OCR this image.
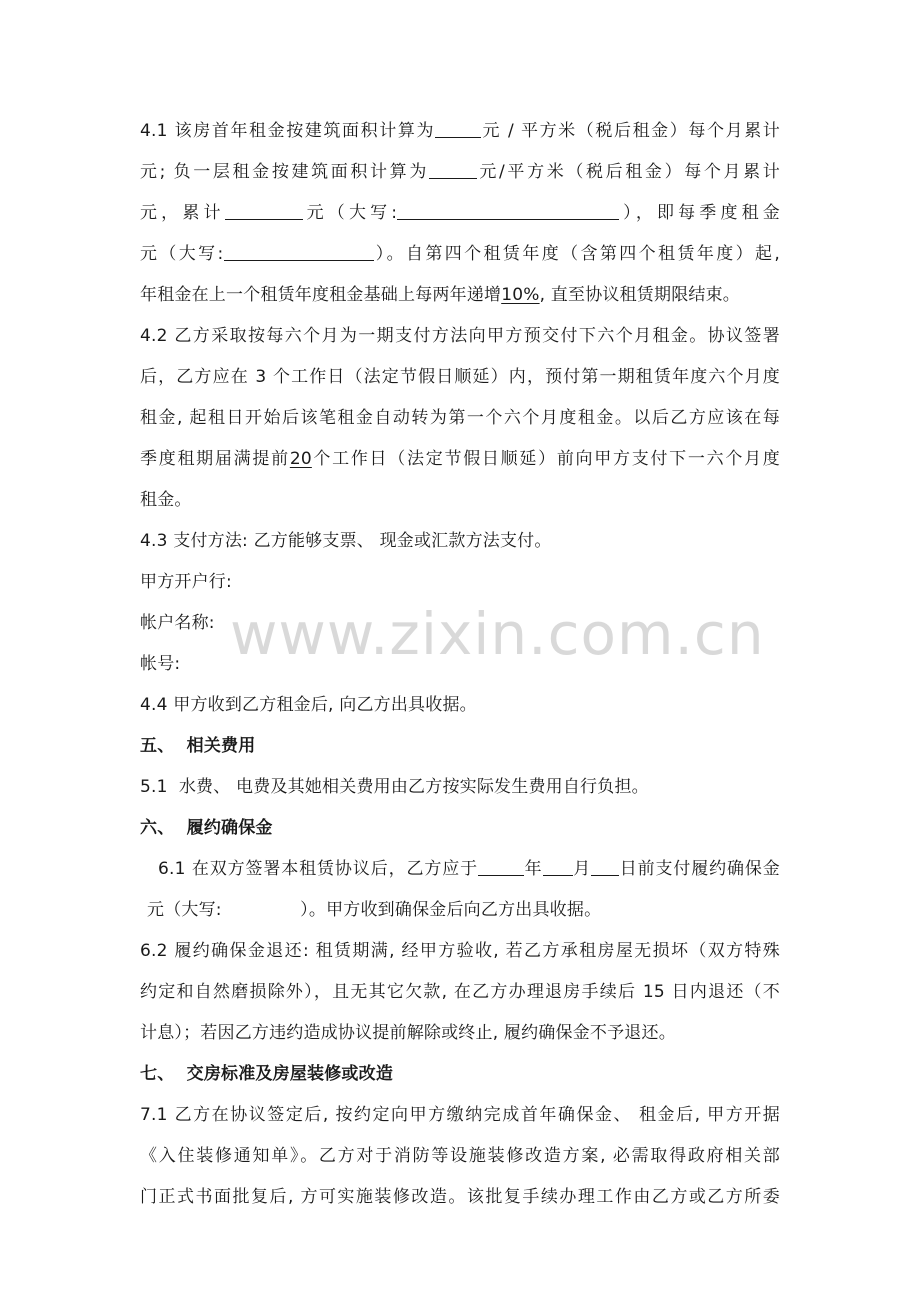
www.zixin.com.cn
4.1 该房首年租金按建筑面积计算为	元 / 平方米（税后租金）每个月累计
元; 负一层租金按建筑面积计算为	元/平方米（税后租金）每个月累计
元，累计	元（大写:	），即每季度租金
元（大写:	）。自第四个租赁年度（含第四个租赁年度）起,
年租金在上一个租赁年度租金基础上每两年递增10%, 直至协议租赁期限结束。
4.2 乙方采取按每六个月为一期支付方法向甲方预交付下六个月租金。协议签署
后，乙方应在 3 个工作日（法定节假日顺延）内，预付第一期租赁年度六个月度
租金, 起租日开始后该笔租金自动转为第一个六个月度租金。以后乙方应该在每
季度租期届满提前20个工作日（法定节假日顺延）前向甲方支付下一六个月度
租金。
4.3 支付方法: 乙方能够支票、 现金或汇款方法支付。
甲方开户行:
帐户名称:
帐号:
4.4 甲方收到乙方租金后, 向乙方出具收据。
五、  相关费用
5.1  水费、 电费及其她相关费用由乙方按实际发生费用自行负担。
六、  履约确保金
6.1 在双方签署本租赁协议后，乙方应于	年 月 日前支付履约确保金
元（大写:              ）。甲方收到确保金后向乙方出具收据。
6.2 履约确保金退还: 租赁期满, 经甲方验收, 若乙方承租房屋无损坏（双方特殊
约定和自然磨损除外），且无其它欠款, 在乙方办理退房手续后 15 日内退还（不
计息）；若因乙方违约造成协议提前解除或终止, 履约确保金不予退还。
七、  交房标准及房屋装修或改造
7.1 乙方在协议签定后, 按约定向甲方缴纳完成首年确保金、 租金后, 甲方开据
《入住装修通知单》。乙方对于消防等设施装修改造方案, 必需取得政府相关部
门正式书面批复后, 方可实施装修改造。该批复手续办理工作由乙方或乙方所委
